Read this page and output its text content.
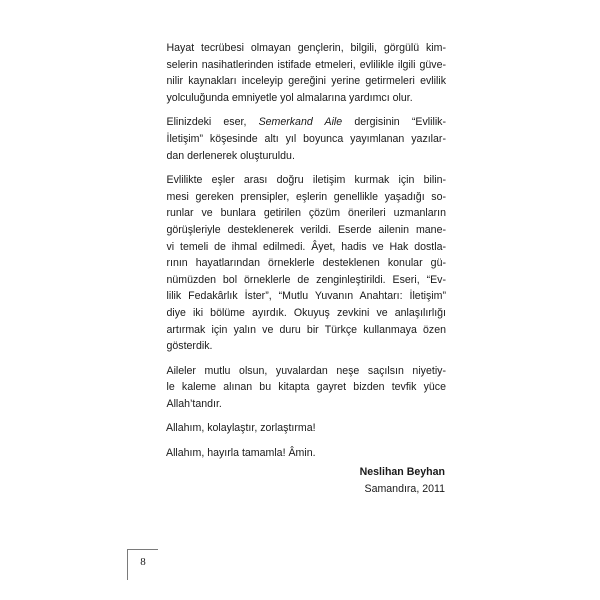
Hayat tecrübesi olmayan gençlerin, bilgili, görgülü kim-
selerin nasihatlerinden istifade etmeleri, evlilikle ilgili güve-
nilir kaynakları inceleyip gereğini yerine getirmeleri evlilik
yolculuğunda emniyetle yol almalarına yardımcı olur.

Elinizdeki eser, Semerkand Aile dergisinin “Evlilik-
İletişim” köşesinde altı yıl boyunca yayımlanan yazılar-
dan derlenerek oluşturuldu.

Evlilikte eşler arası doğru iletişim kurmak için bilin-
mesi gereken prensipler, eşlerin genellikle yaşadığı so-
runlar ve bunlara getirilen çözüm önerileri uzmanların
görüşleriyle desteklenerek verildi. Eserde ailenin mane-
vi temeli de ihmal edilmedi. Âyet, hadis ve Hak dostla-
rının hayatlarından örneklerle desteklenen konular gü-
nümüzden bol örneklerle de zenginleştirildi. Eseri, “Ev-
lilik Fedakârlık İster”, “Mutlu Yuvanın Anahtarı: İletişim”
diye iki bölüme ayırdık. Okuyuş zevkini ve anlaşılırlığı
artırmak için yalın ve duru bir Türkçe kullanmaya özen
gösterdik.

Aileler mutlu olsun, yuvalardan neşe saçılsın niyetiy-
le kaleme alınan bu kitapta gayret bizden tevfik yüce
Allah’tandır.

Allahım, kolaylaştır, zorlaştırma!

Allahım, hayırla tamamla! Âmin.

Neslihan Beyhan
Samandıra, 2011
8
